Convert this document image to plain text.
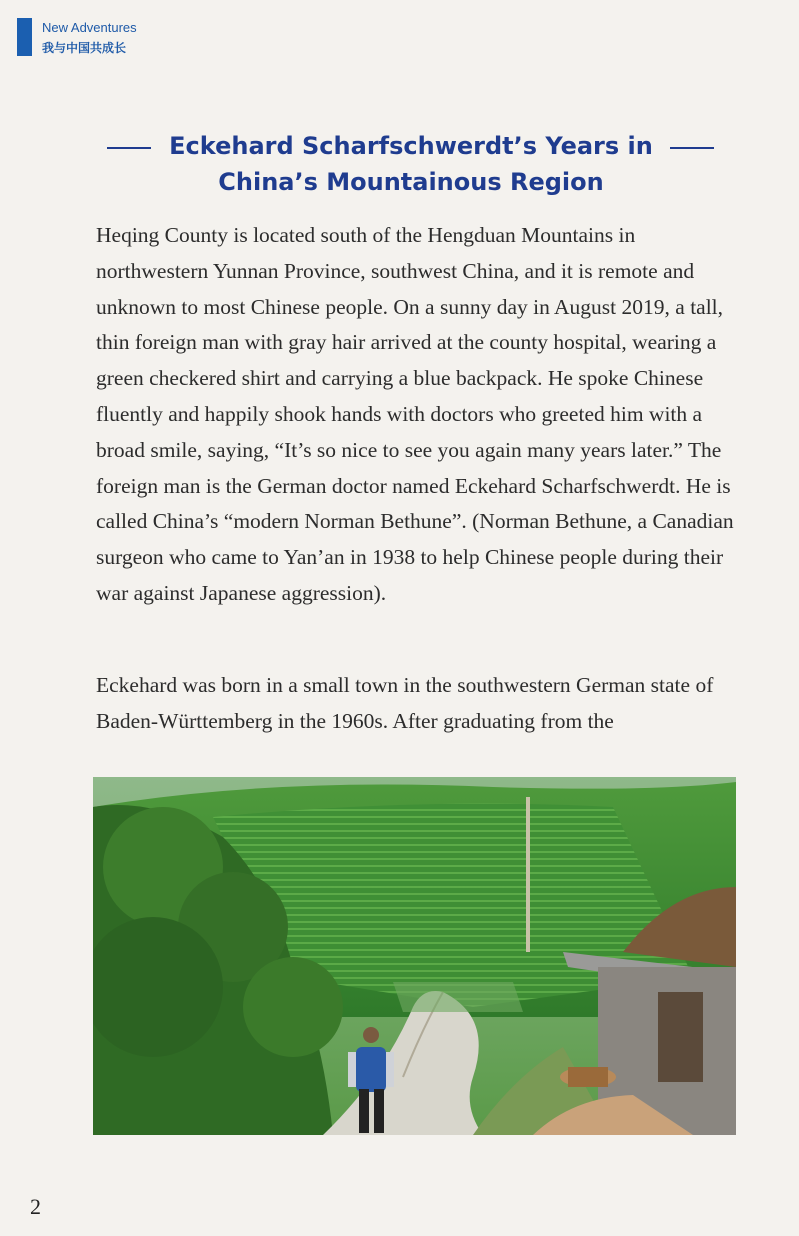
New Adventures
我与中国共成长
Eckehard Scharfschwerdt’s Years in
China’s Mountainous Region

Heqing County is located south of the Hengduan Mountains in northwestern Yunnan Province, southwest China, and it is remote and unknown to most Chinese people. On a sunny day in August 2019, a tall, thin foreign man with gray hair arrived at the county hospital, wearing a green checkered shirt and carrying a blue backpack. He spoke Chinese fluently and happily shook hands with doctors who greeted him with a broad smile, saying, “It’s so nice to see you again many years later.” The foreign man is the German doctor named Eckehard Scharfschwerdt. He is called China’s “modern Norman Bethune”. (Norman Bethune, a Canadian surgeon who came to Yan’an in 1938 to help Chinese people during their war against Japanese aggression).

Eckehard was born in a small town in the southwestern German state of Baden-Württemberg in the 1960s. After graduating from the

2
